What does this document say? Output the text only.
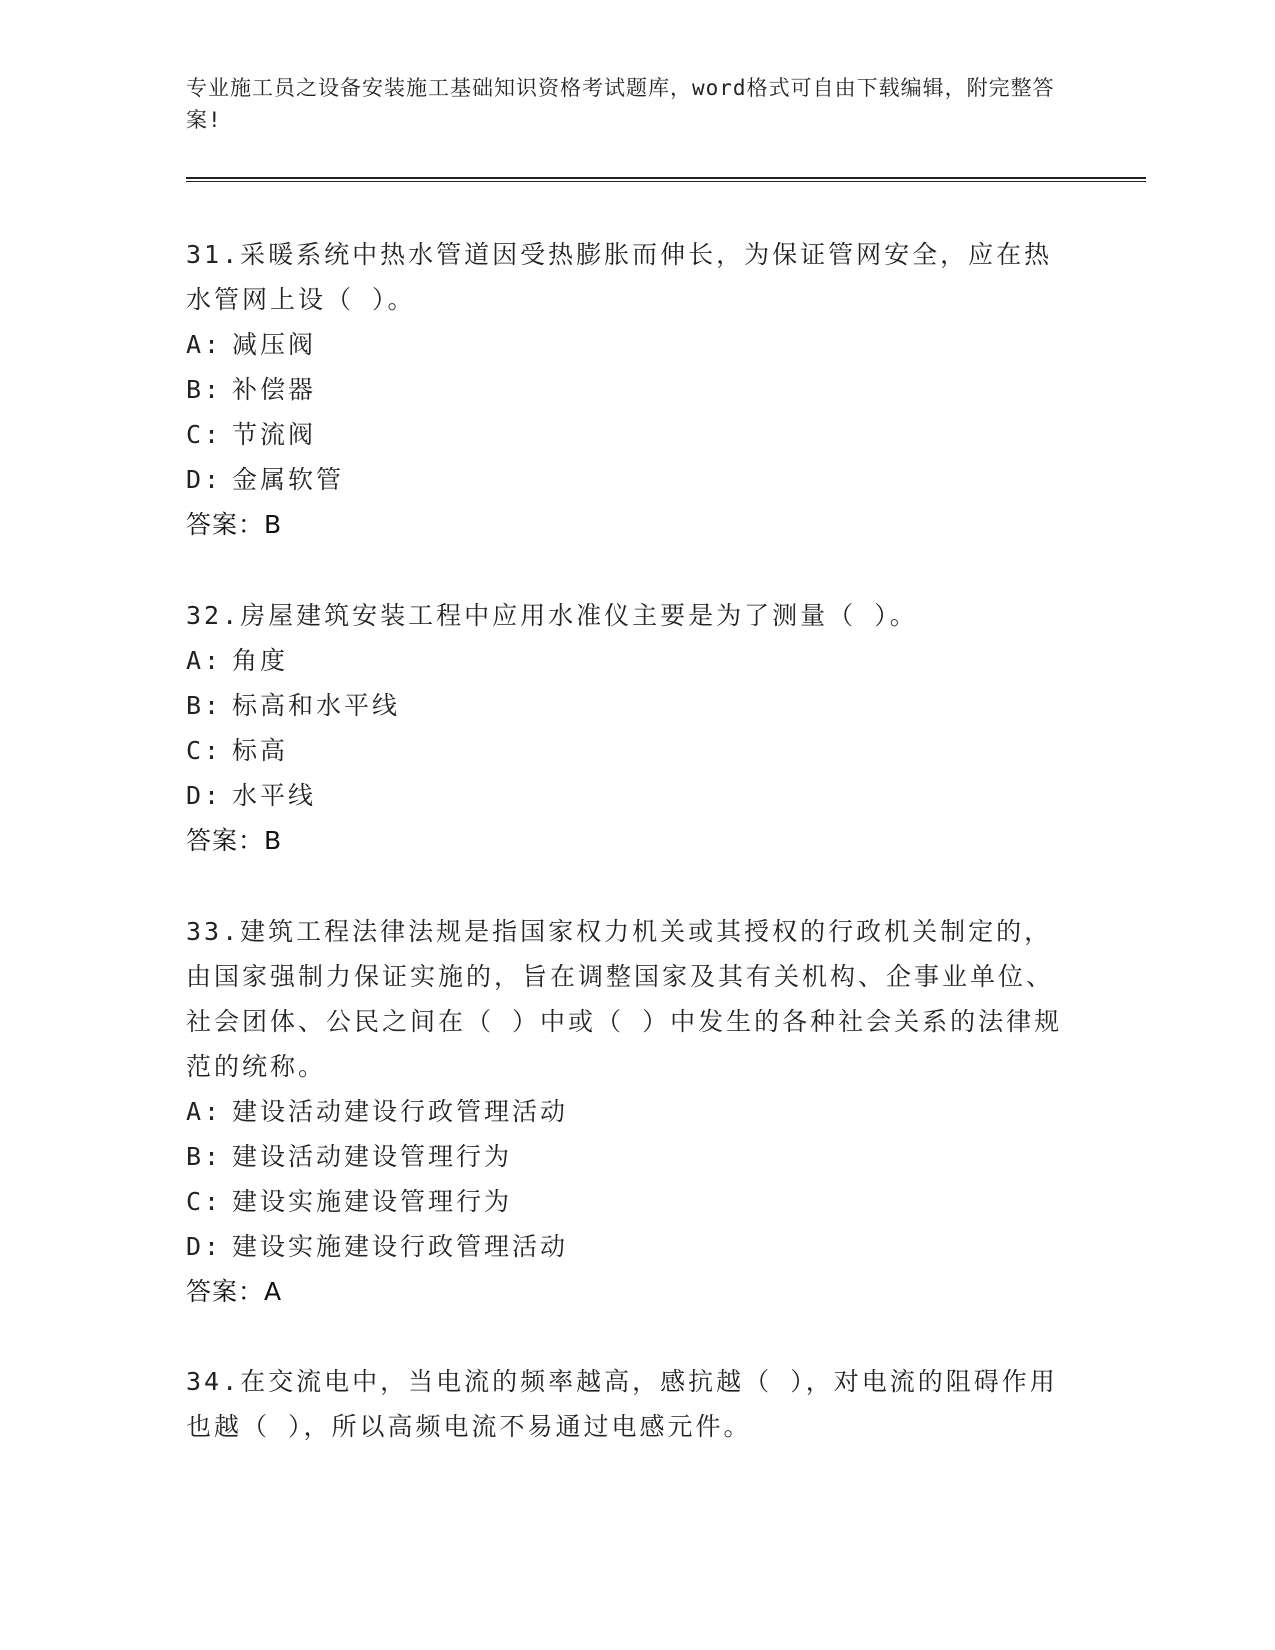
专业施工员之设备安装施工基础知识资格考试题库，word格式可自由下载编辑，附完整答案!
31.采暖系统中热水管道因受热膨胀而伸长，为保证管网安全，应在热水管网上设（ ）。
A: 减压阀
B: 补偿器
C: 节流阀
D: 金属软管
答案：B
32.房屋建筑安装工程中应用水准仪主要是为了测量（ ）。
A: 角度
B: 标高和水平线
C: 标高
D: 水平线
答案：B
33.建筑工程法律法规是指国家权力机关或其授权的行政机关制定的，由国家强制力保证实施的，旨在调整国家及其有关机构、企事业单位、社会团体、公民之间在（ ）中或（ ）中发生的各种社会关系的法律规范的统称。
A: 建设活动建设行政管理活动
B: 建设活动建设管理行为
C: 建设实施建设管理行为
D: 建设实施建设行政管理活动
答案：A
34.在交流电中，当电流的频率越高，感抗越（ ），对电流的阻碍作用也越（ ），所以高频电流不易通过电感元件。
